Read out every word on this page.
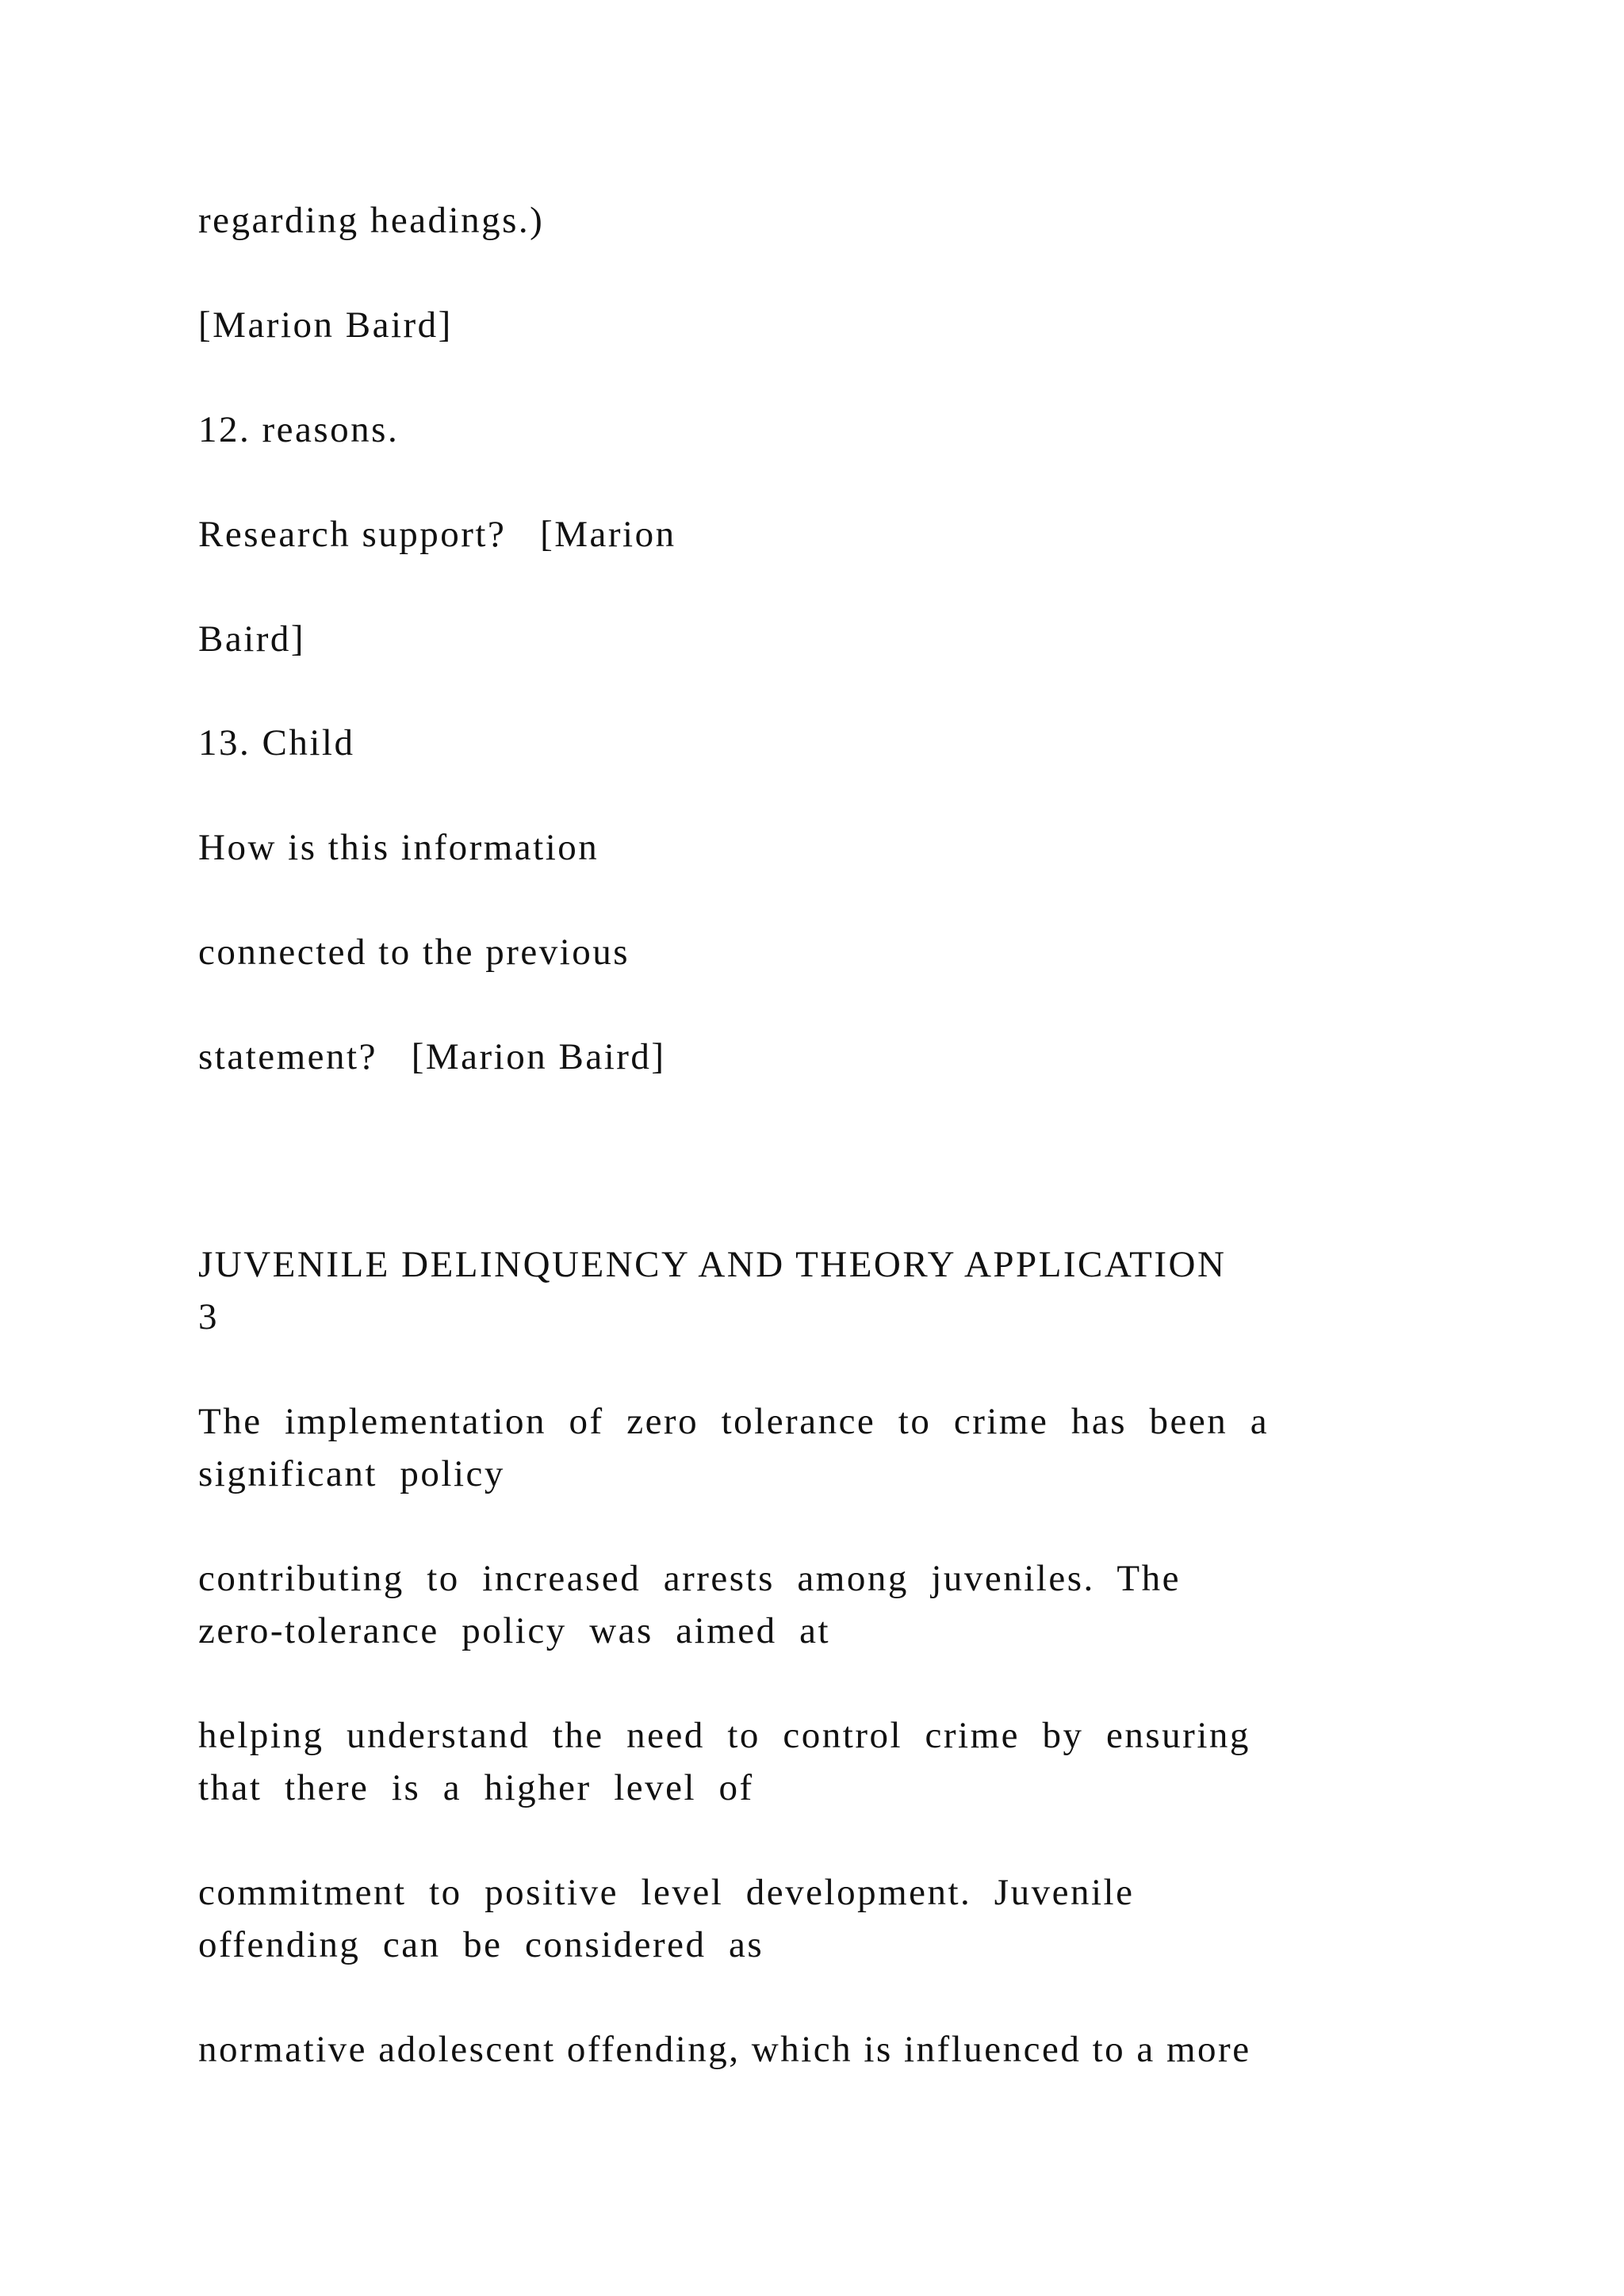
regarding headings.)

[Marion Baird]

12. reasons.

Research support?   [Marion

Baird]

13. Child

How is this information

connected to the previous

statement?   [Marion Baird]

JUVENILE DELINQUENCY AND THEORY APPLICATION

3

The  implementation  of  zero  tolerance  to  crime  has  been  a

significant  policy

contributing  to  increased  arrests  among  juveniles.  The

zero-tolerance  policy  was  aimed  at

helping  understand  the  need  to  control  crime  by  ensuring

that  there  is  a  higher  level  of

commitment  to  positive  level  development.  Juvenile

offending  can  be  considered  as

normative adolescent offending, which is influenced to a more
